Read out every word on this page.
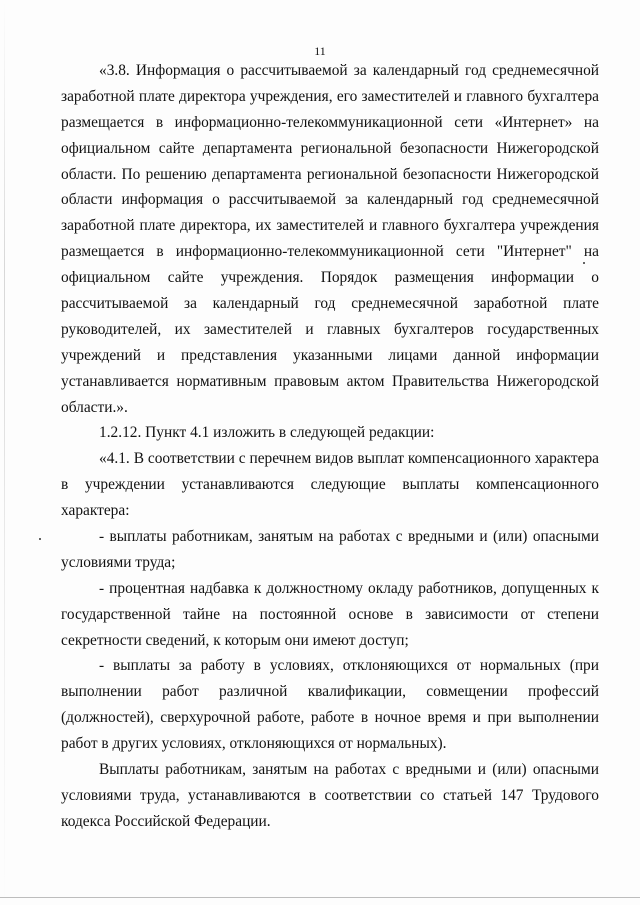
11
«3.8. Информация о рассчитываемой за календарный год среднемесячной
заработной плате директора учреждения, его заместителей и главного бухгалтера
размещается в информационно-телекоммуникационной сети «Интернет» на
официальном сайте департамента региональной безопасности Нижегородской
области. По решению департамента региональной безопасности Нижегородской
области информация о рассчитываемой за календарный год среднемесячной
заработной плате директора, их заместителей и главного бухгалтера учреждения
размещается в информационно-телекоммуникационной сети "Интернет" на
официальном сайте учреждения. Порядок размещения информации о
рассчитываемой за календарный год среднемесячной заработной плате
руководителей, их заместителей и главных бухгалтеров государственных
учреждений и представления указанными лицами данной информации
устанавливается нормативным правовым актом Правительства Нижегородской
области.».
1.2.12. Пункт 4.1 изложить в следующей редакции:
«4.1. В соответствии с перечнем видов выплат компенсационного характера
в учреждении устанавливаются следующие выплаты компенсационного
характера:
- выплаты работникам, занятым на работах с вредными и (или) опасными
условиями труда;
- процентная надбавка к должностному окладу работников, допущенных к
государственной тайне на постоянной основе в зависимости от степени
секретности сведений, к которым они имеют доступ;
- выплаты за работу в условиях, отклоняющихся от нормальных (при
выполнении работ различной квалификации, совмещении профессий
(должностей), сверхурочной работе, работе в ночное время и при выполнении
работ в других условиях, отклоняющихся от нормальных).
Выплаты работникам, занятым на работах с вредными и (или) опасными
условиями труда, устанавливаются в соответствии со статьей 147 Трудового
кодекса Российской Федерации.
